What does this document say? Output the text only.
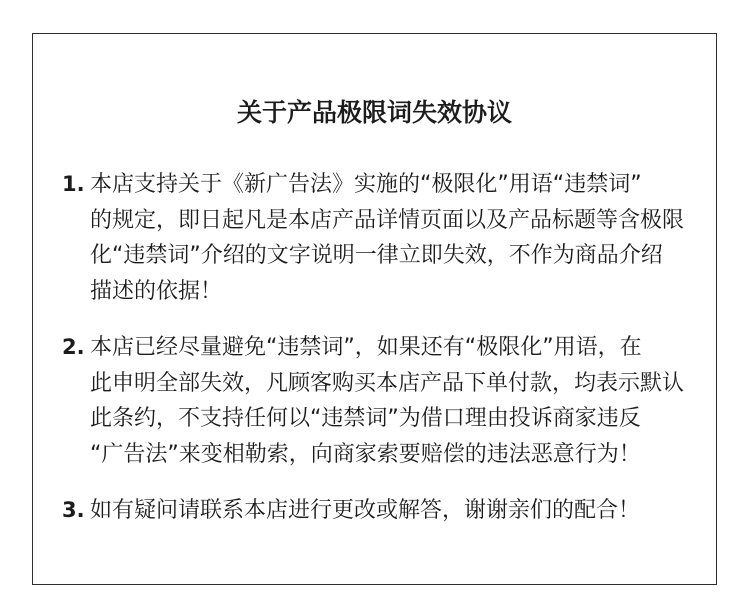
关于产品极限词失效协议
1. 本店支持关于《新广告法》实施的“极限化”用语“违禁词”
的规定，即日起凡是本店产品详情页面以及产品标题等含极限
化“违禁词”介绍的文字说明一律立即失效，不作为商品介绍
描述的依据！
2. 本店已经尽量避免“违禁词”，如果还有“极限化”用语，在
此申明全部失效，凡顾客购买本店产品下单付款，均表示默认
此条约，不支持任何以“违禁词”为借口理由投诉商家违反
“广告法”来变相勒索，向商家索要赔偿的违法恶意行为！
3. 如有疑问请联系本店进行更改或解答，谢谢亲们的配合！
